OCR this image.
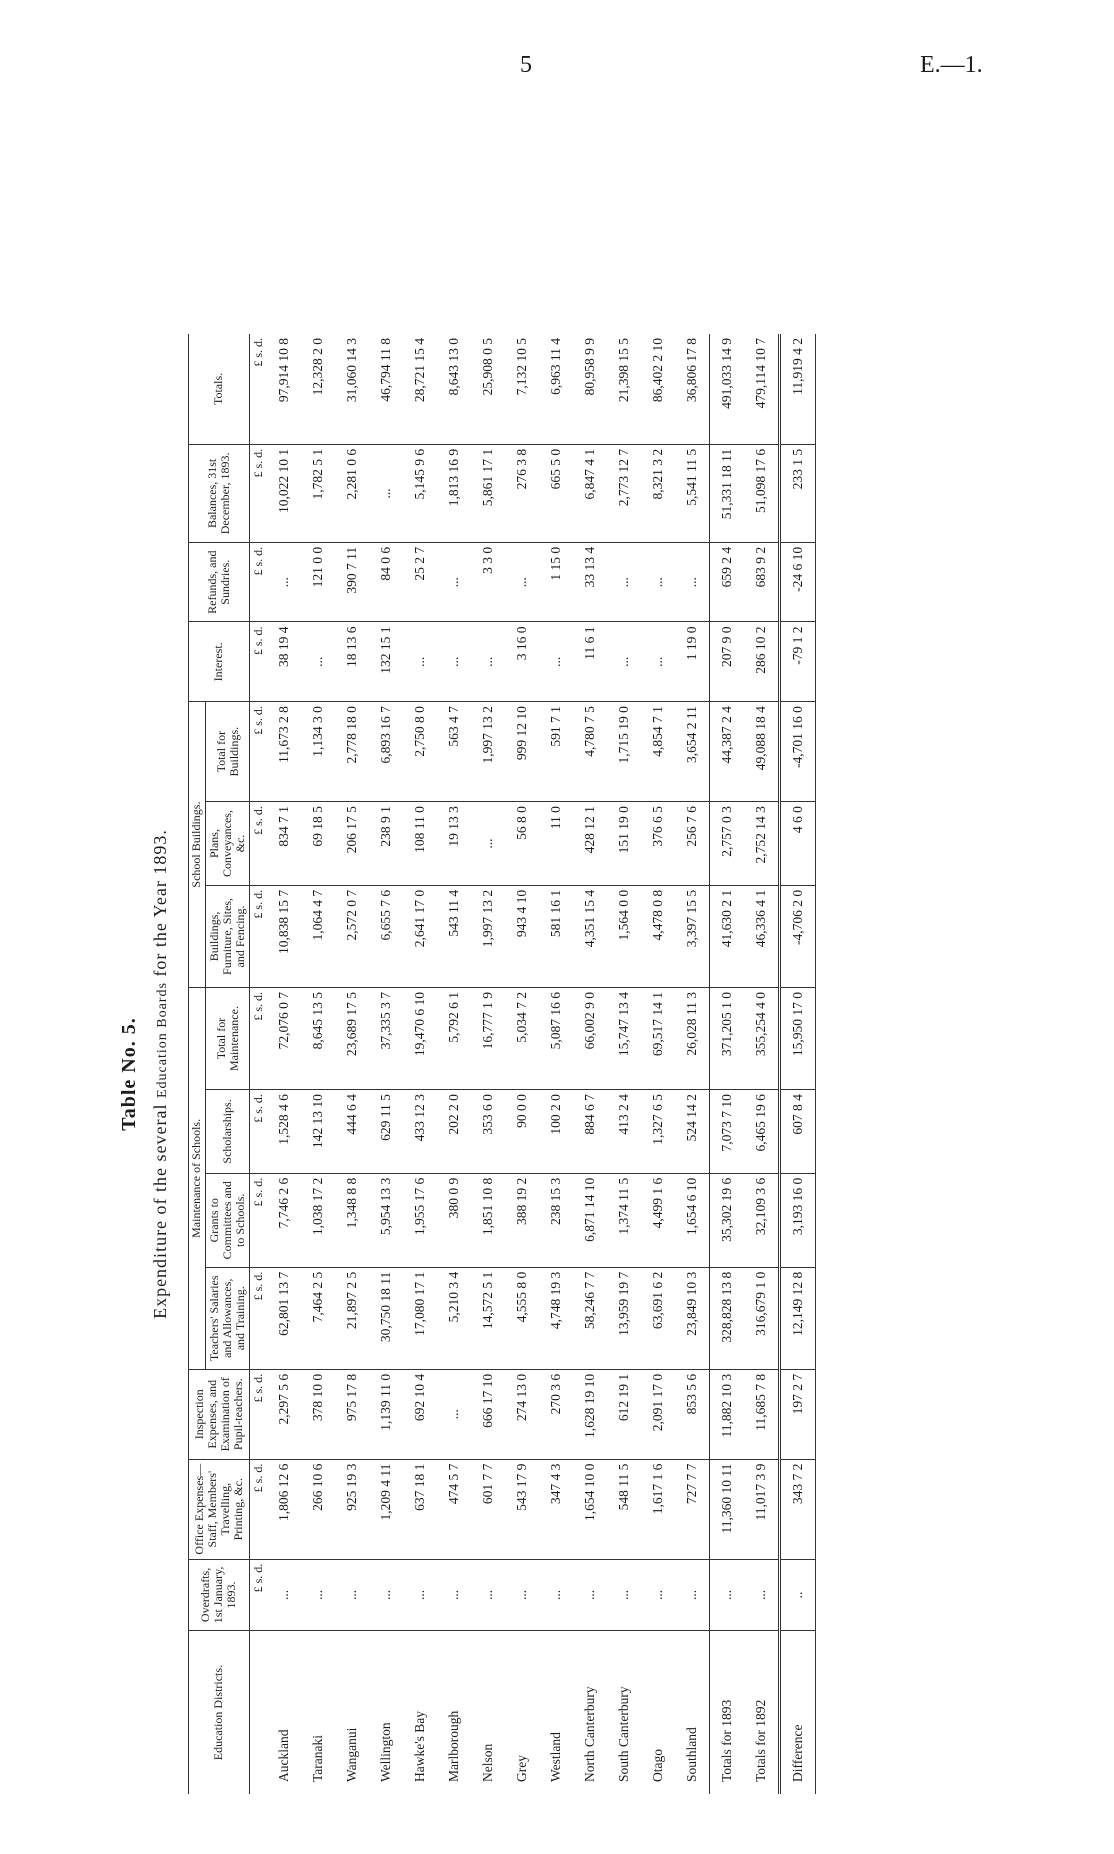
5	E.—1.
Table No. 5.
Expenditure of the several Education Boards for the Year 1893.
Education Districts.	Overdrafts, 1st January, 1893.	Office Expenses—Staff, Members' Travelling, Printing, &c.	Inspection Expenses, and Examination of Pupil-teachers.	Maintenance of Schools.				School Buildings.			Interest.	Refunds, and Sundries.	Balances, 31st December, 1893.	Totals.
				Teachers' Salaries and Allowances, and Training.	Grants to Committees and to Schools.	Scholarships.	Total for Maintenance.	Buildings, Furniture, Sites, and Fencing.	Plans, Conveyances, &c.	Total for Buildings.				
	£ s. d.	£ s. d.	£ s. d.	£ s. d.	£ s. d.	£ s. d.	£ s. d.	£ s. d.	£ s. d.	£ s. d.	£ s. d.	£ s. d.	£ s. d.	£ s. d.
Auckland	...	1,806 12 6	2,297 5 6	62,801 13 7	7,746 2 6	1,528 4 6	72,076 0 7	10,838 15 7	834 7 1	11,673 2 8	38 19 4	...	10,022 10 1	97,914 10 8
Taranaki	...	266 10 6	378 10 0	7,464 2 5	1,038 17 2	142 13 10	8,645 13 5	1,064 4 7	69 18 5	1,134 3 0	...	121 0 0	1,782 5 1	12,328 2 0
Wanganui	...	925 19 3	975 17 8	21,897 2 5	1,348 8 8	444 6 4	23,689 17 5	2,572 0 7	206 17 5	2,778 18 0	18 13 6	390 7 11	2,281 0 6	31,060 14 3
Wellington	...	1,209 4 11	1,139 11 0	30,750 18 11	5,954 13 3	629 11 5	37,335 3 7	6,655 7 6	238 9 1	6,893 16 7	132 15 1	84 0 6	...	46,794 11 8
Hawke's Bay	...	637 18 1	692 10 4	17,080 17 1	1,955 17 6	433 12 3	19,470 6 10	2,641 17 0	108 11 0	2,750 8 0	...	25 2 7	5,145 9 6	28,721 15 4
Marlborough	...	474 5 7	...	5,210 3 4	380 0 9	202 2 0	5,792 6 1	543 11 4	19 13 3	563 4 7	...	...	1,813 16 9	8,643 13 0
Nelson	...	601 7 7	666 17 10	14,572 5 1	1,851 10 8	353 6 0	16,777 1 9	1,997 13 2	...	1,997 13 2	...	3 3 0	5,861 17 1	25,908 0 5
Grey	...	543 17 9	274 13 0	4,555 8 0	388 19 2	90 0 0	5,034 7 2	943 4 10	56 8 0	999 12 10	3 16 0	...	276 3 8	7,132 10 5
Westland	...	347 4 3	270 3 6	4,748 19 3	238 15 3	100 2 0	5,087 16 6	581 16 1	11 0	591 7 1	...	1 15 0	665 5 0	6,963 11 4
North Canterbury	...	1,654 10 0	1,628 19 10	58,246 7 7	6,871 14 10	884 6 7	66,002 9 0	4,351 15 4	428 12 1	4,780 7 5	11 6 1	33 13 4	6,847 4 1	80,958 9 9
South Canterbury	...	548 11 5	612 19 1	13,959 19 7	1,374 11 5	413 2 4	15,747 13 4	1,564 0 0	151 19 0	1,715 19 0	...	...	2,773 12 7	21,398 15 5
Otago	...	1,617 1 6	2,091 17 0	63,691 6 2	4,499 1 6	1,327 6 5	69,517 14 1	4,478 0 8	376 6 5	4,854 7 1	...	...	8,321 3 2	86,402 2 10
Southland	...	727 7 7	853 5 6	23,849 10 3	1,654 6 10	524 14 2	26,028 11 3	3,397 15 5	256 7 6	3,654 2 11	1 19 0	...	5,541 11 5	36,806 17 8
Totals for 1893	...	11,360 10 11	11,882 10 3	328,828 13 8	35,302 19 6	7,073 7 10	371,205 1 0	41,630 2 1	2,757 0 3	44,387 2 4	207 9 0	659 2 4	51,331 18 11	491,033 14 9
Totals for 1892	...	11,017 3 9	11,685 7 8	316,679 1 0	32,109 3 6	6,465 19 6	355,254 4 0	46,336 4 1	2,752 14 3	49,088 18 4	286 10 2	683 9 2	51,098 17 6	479,114 10 7
Difference	..	343 7 2	197 2 7	12,149 12 8	3,193 16 0	607 8 4	15,950 17 0	-4,706 2 0	4 6 0	-4,701 16 0	-79 1 2	-24 6 10	233 1 5	11,919 4 2
